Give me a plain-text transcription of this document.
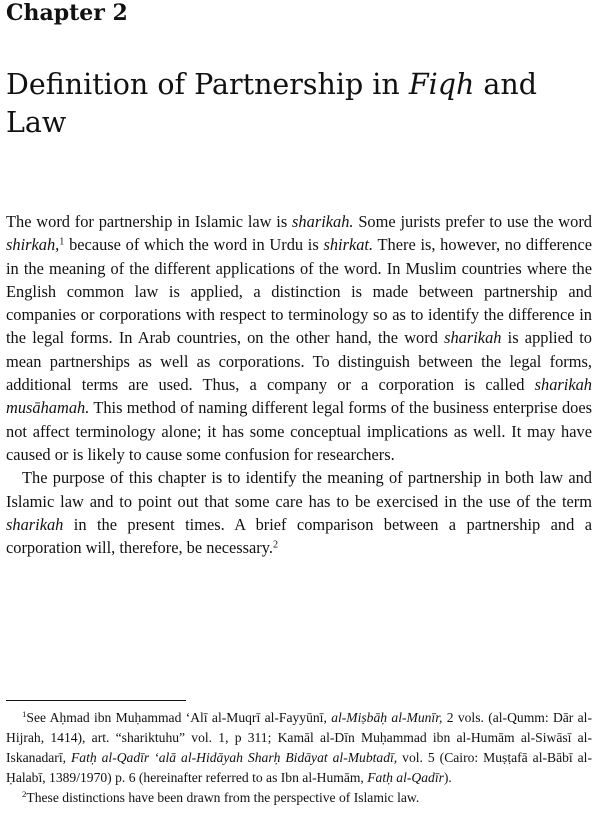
Chapter 2
Definition of Partnership in Fiqh and Law

The word for partnership in Islamic law is sharikah. Some jurists prefer to use the word shirkah,$^1$ because of which the word in Urdu is shirkat. There is, however, no difference in the meaning of the different applications of the word. In Muslim countries where the English common law is applied, a distinction is made between partnership and companies or corporations with respect to terminology so as to identify the difference in the legal forms. In Arab countries, on the other hand, the word sharikah is applied to mean partnerships as well as corporations. To distinguish between the legal forms, additional terms are used. Thus, a company or a corporation is called sharikah musāhamah. This method of naming different legal forms of the business enterprise does not affect terminology alone; it has some conceptual implications as well. It may have caused or is likely to cause some confusion for researchers.

The purpose of this chapter is to identify the meaning of partnership in both law and Islamic law and to point out that some care has to be exercised in the use of the term sharikah in the present times. A brief comparison between a partnership and a corporation will, therefore, be necessary.$^2$

$^1$See Aḥmad ibn Muḥammad ʻAlī al-Muqrī al-Fayyūnī, al-Miṣbāḥ al-Munīr, 2 vols. (al-Qumm: Dār al-Hijrah, 1414), art. “shariktuhu” vol. 1, p 311; Kamāl al-Dīn Muḥammad ibn al-Humām al-Siwāsī al-Iskanadarī, Fatḥ al-Qadīr ʻalā al-Hidāyah Sharḥ Bidāyat al-Mubtadī, vol. 5 (Cairo: Muṣṭafā al-Bābī al-Ḥalabī, 1389/1970) p. 6 (hereinafter referred to as Ibn al-Humām, Fatḥ al-Qadīr).

$^2$These distinctions have been drawn from the perspective of Islamic law.
